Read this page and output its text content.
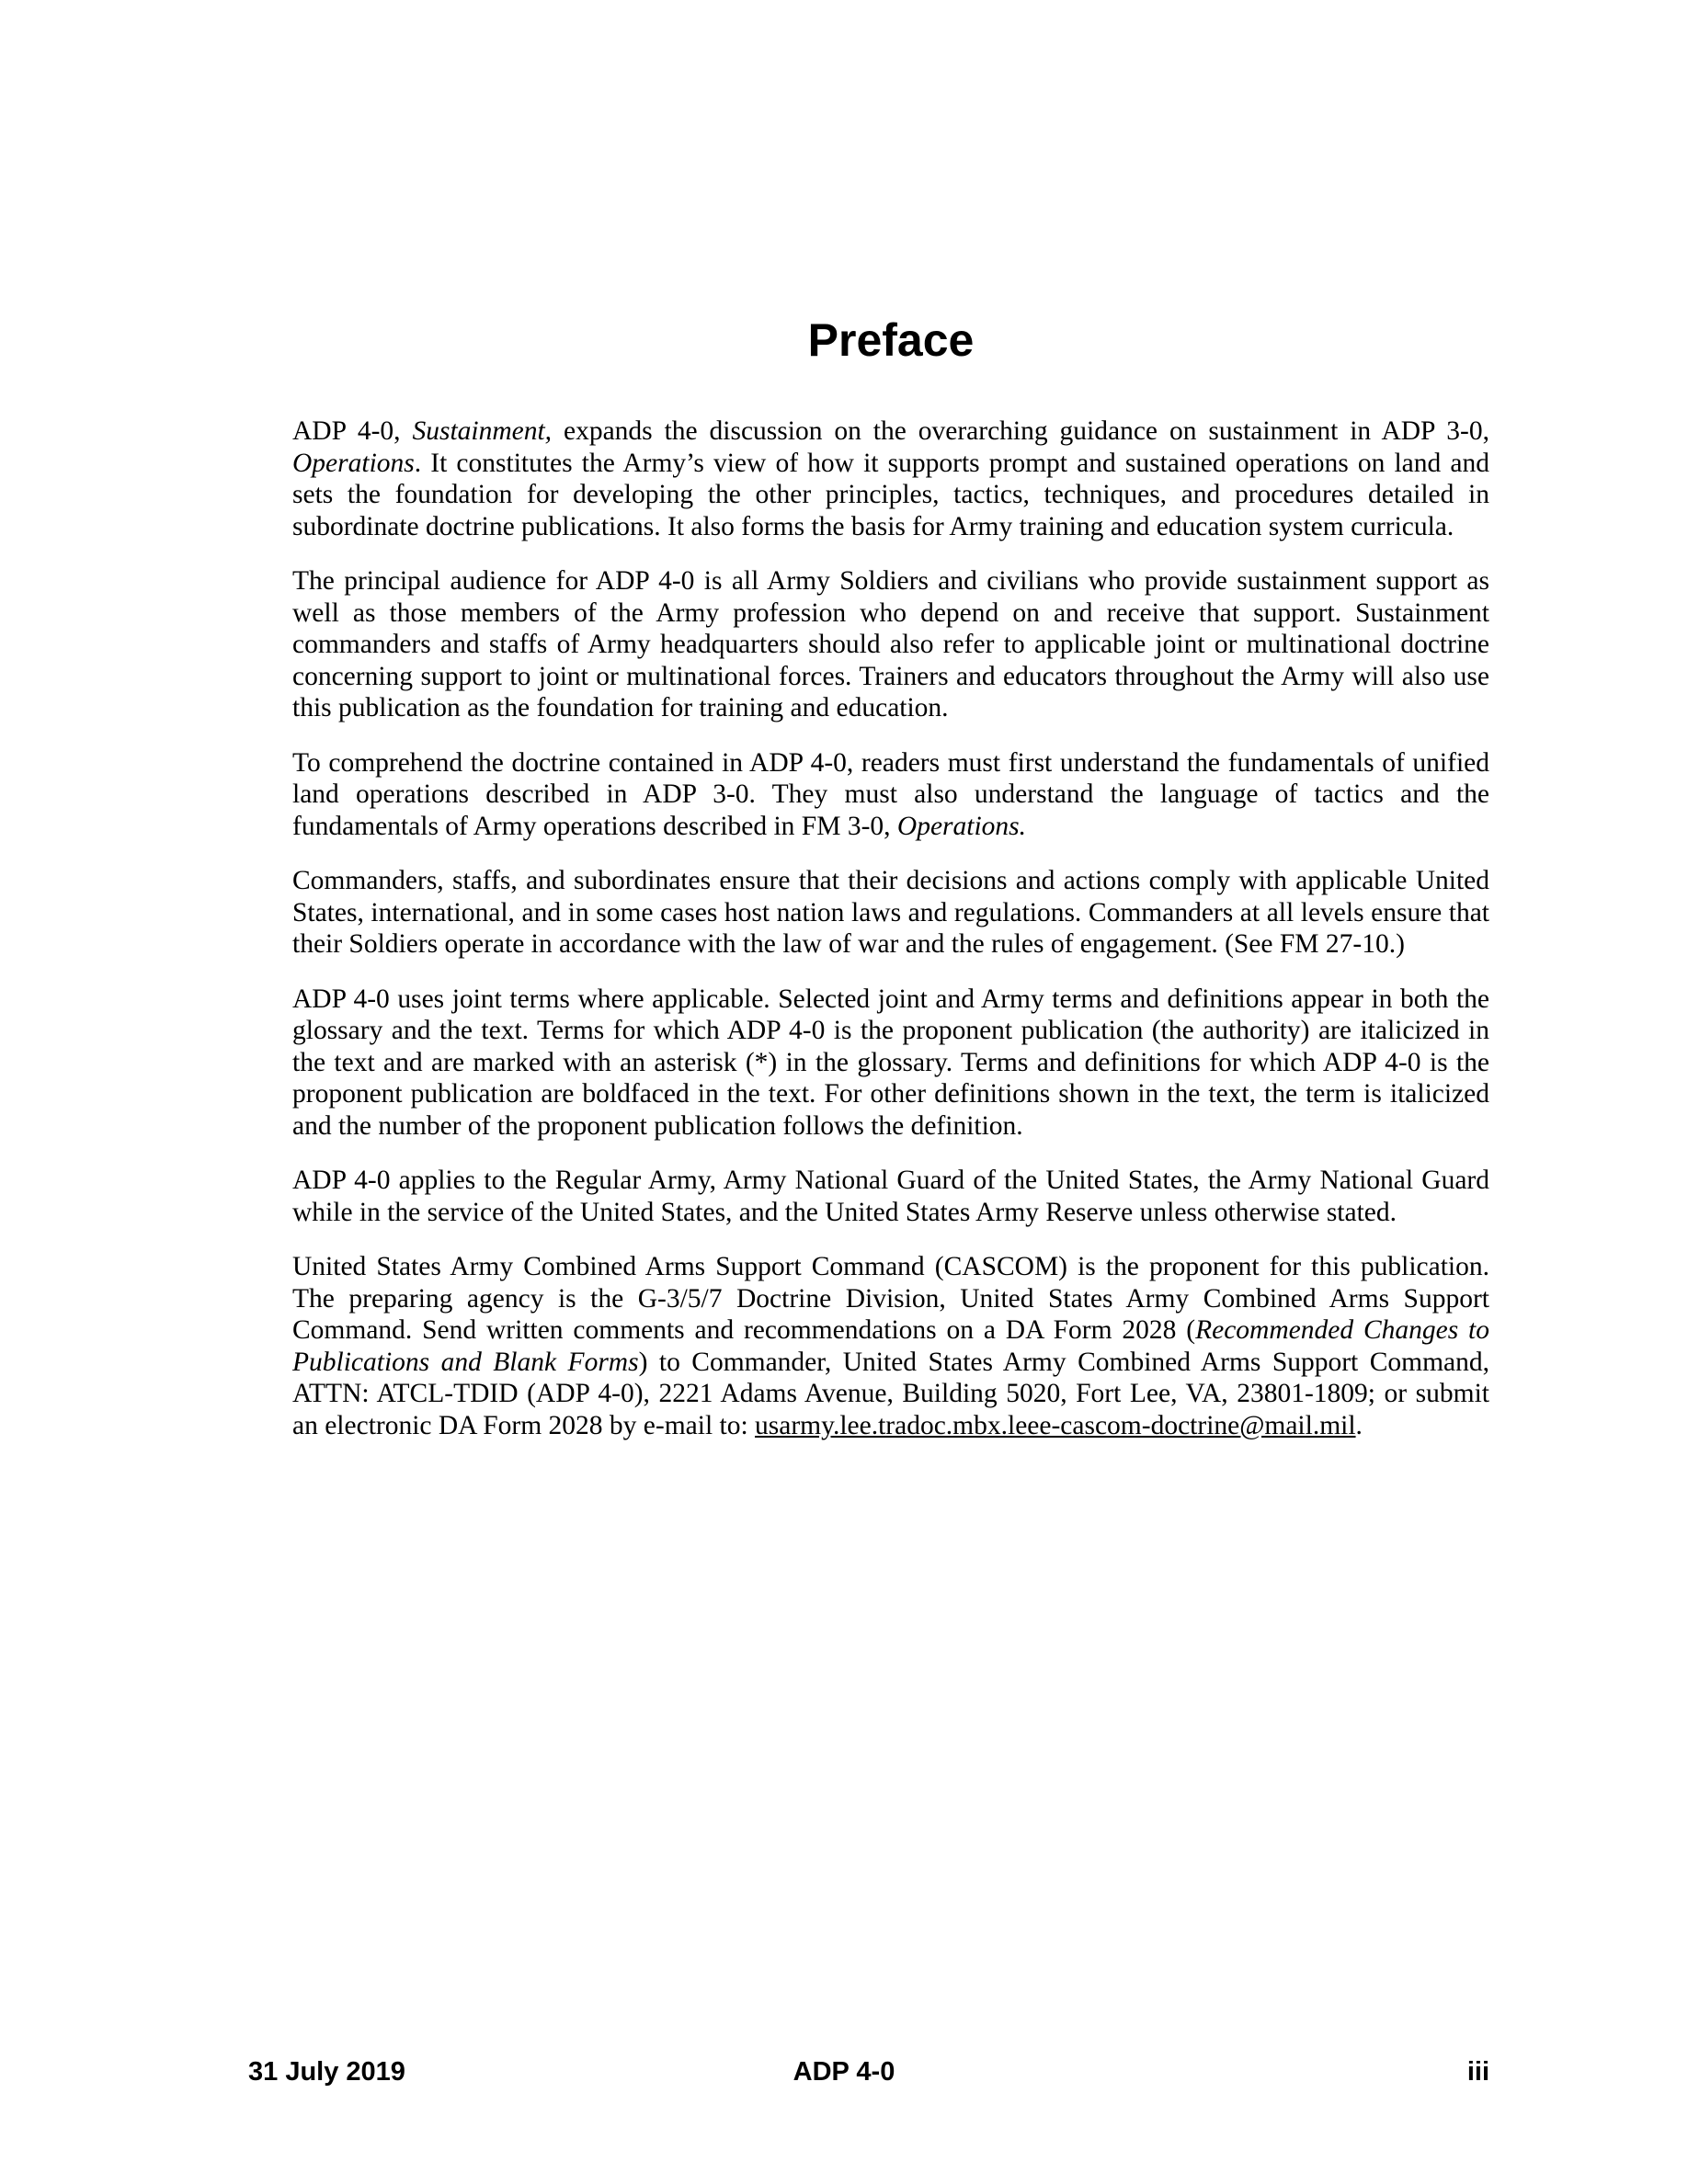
Preface

ADP 4-0, Sustainment, expands the discussion on the overarching guidance on sustainment in ADP 3-0, Operations. It constitutes the Army’s view of how it supports prompt and sustained operations on land and sets the foundation for developing the other principles, tactics, techniques, and procedures detailed in subordinate doctrine publications. It also forms the basis for Army training and education system curricula.

The principal audience for ADP 4-0 is all Army Soldiers and civilians who provide sustainment support as well as those members of the Army profession who depend on and receive that support. Sustainment commanders and staffs of Army headquarters should also refer to applicable joint or multinational doctrine concerning support to joint or multinational forces. Trainers and educators throughout the Army will also use this publication as the foundation for training and education.

To comprehend the doctrine contained in ADP 4-0, readers must first understand the fundamentals of unified land operations described in ADP 3-0. They must also understand the language of tactics and the fundamentals of Army operations described in FM 3-0, Operations.

Commanders, staffs, and subordinates ensure that their decisions and actions comply with applicable United States, international, and in some cases host nation laws and regulations. Commanders at all levels ensure that their Soldiers operate in accordance with the law of war and the rules of engagement. (See FM 27-10.)

ADP 4-0 uses joint terms where applicable. Selected joint and Army terms and definitions appear in both the glossary and the text. Terms for which ADP 4-0 is the proponent publication (the authority) are italicized in the text and are marked with an asterisk (*) in the glossary. Terms and definitions for which ADP 4-0 is the proponent publication are boldfaced in the text. For other definitions shown in the text, the term is italicized and the number of the proponent publication follows the definition.

ADP 4-0 applies to the Regular Army, Army National Guard of the United States, the Army National Guard while in the service of the United States, and the United States Army Reserve unless otherwise stated.

United States Army Combined Arms Support Command (CASCOM) is the proponent for this publication. The preparing agency is the G-3/5/7 Doctrine Division, United States Army Combined Arms Support Command. Send written comments and recommendations on a DA Form 2028 (Recommended Changes to Publications and Blank Forms) to Commander, United States Army Combined Arms Support Command, ATTN: ATCL-TDID (ADP 4-0), 2221 Adams Avenue, Building 5020, Fort Lee, VA, 23801-1809; or submit an electronic DA Form 2028 by e-mail to: usarmy.lee.tradoc.mbx.leee-cascom-doctrine@mail.mil.

ADP 4-0
31 July 2019	iii
